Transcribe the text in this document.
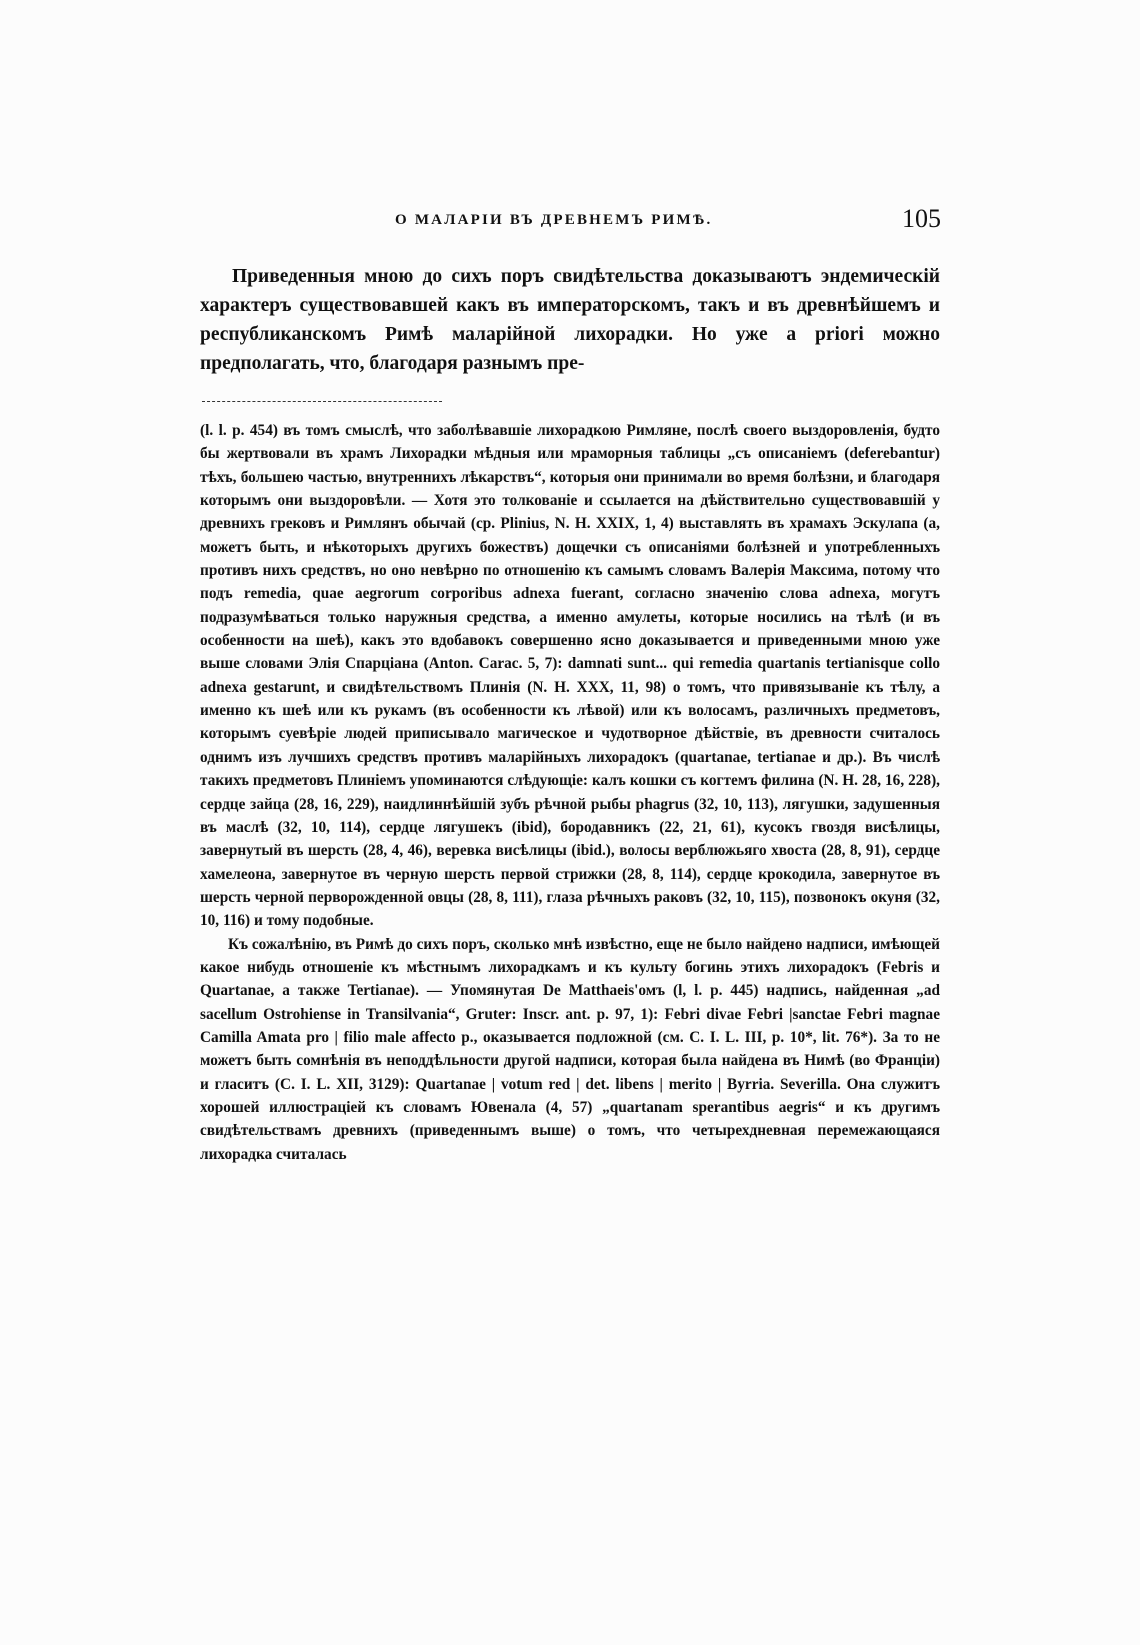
О МАЛАРІИ ВЪ ДРЕВНЕМЪ РИМѢ.	105

Приведенныя мною до сихъ поръ свидѣтельства доказываютъ эндемическій характеръ существовавшей какъ въ императорскомъ, такъ и въ древнѣйшемъ и республиканскомъ Римѣ маларійной лихорадки. Но уже a priori можно предполагать, что, благодаря разнымъ пре-

(l. l. p. 454) въ томъ смыслѣ, что заболѣвавшіе лихорадкою Римляне, послѣ своего выздоровленія, будто бы жертвовали въ храмъ Лихорадки мѣдныя или мраморныя таблицы „съ описаніемъ (deferebantur) тѣхъ, большею частью, внутреннихъ лѣкарствъ“, которыя они принимали во время болѣзни, и благодаря которымъ они выздоровѣли. — Хотя это толкованіе и ссылается на дѣйствительно существовавшій у древнихъ грековъ и Римлянъ обычай (ср. Plinius, N. H. XXIX, 1, 4) выставлять въ храмахъ Эскулапа (а, можетъ быть, и нѣкоторыхъ другихъ божествъ) дощечки съ описаніями болѣзней и употребленныхъ противъ нихъ средствъ, но оно невѣрно по отношенію къ самымъ словамъ Валерія Максима, потому что подъ remedia, quae aegrorum corporibus adnexa fuerant, согласно значенію слова adnexa, могутъ подразумѣваться только наружныя средства, а именно амулеты, которые носились на тѣлѣ (и въ особенности на шеѣ), какъ это вдобавокъ совершенно ясно доказывается и приведенными мною уже выше словами Элія Спарціана (Anton. Carac. 5, 7): damnati sunt... qui remedia quartanis tertianisque collo adnexa gestarunt, и свидѣтельствомъ Плинія (N. H. XXX, 11, 98) о томъ, что привязываніе къ тѣлу, а именно къ шеѣ или къ рукамъ (въ особенности къ лѣвой) или къ волосамъ, различныхъ предметовъ, которымъ суевѣріе людей приписывало магическое и чудотворное дѣйствіе, въ древности считалось однимъ изъ лучшихъ средствъ противъ маларійныхъ лихорадокъ (quartanae, tertianae и др.). Въ числѣ такихъ предметовъ Плиніемъ упоминаются слѣдующіе: калъ кошки съ когтемъ филина (N. H. 28, 16, 228), сердце зайца (28, 16, 229), наидлиннѣйшій зубъ рѣчной рыбы phagrus (32, 10, 113), лягушки, задушенныя въ маслѣ (32, 10, 114), сердце лягушекъ (ibid), бородавникъ (22, 21, 61), кусокъ гвоздя висѣлицы, завернутый въ шерсть (28, 4, 46), веревка висѣлицы (ibid.), волосы верблюжьяго хвоста (28, 8, 91), сердце хамелеона, завернутое въ черную шерсть первой стрижки (28, 8, 114), сердце крокодила, завернутое въ шерсть черной перворожденной овцы (28, 8, 111), глаза рѣчныхъ раковъ (32, 10, 115), позвонокъ окуня (32, 10, 116) и тому подобные.

Къ сожалѣнію, въ Римѣ до сихъ поръ, сколько мнѣ извѣстно, еще не было найдено надписи, имѣющей какое нибудь отношеніе къ мѣстнымъ лихорадкамъ и къ культу богинь этихъ лихорадокъ (Febris и Quartanae, а также Tertianae). — Упомянутая De Matthaeis'омъ (l, l. p. 445) надпись, найденная „ad sacellum Ostrohiense in Transilvania“, Gruter: Inscr. ant. p. 97, 1): Febri divae Febri |sanctae Febri magnae Camilla Amata pro | filio male affecto p., оказывается подложной (см. C. I. L. III, p. 10*, lit. 76*). За то не можетъ быть сомнѣнія въ неподдѣльности другой надписи, которая была найдена въ Нимѣ (во Франціи) и гласитъ (C. I. L. XII, 3129): Quartanae | votum red | det. libens | merito | Byrria. Severilla. Она служитъ хорошей иллюстраціей къ словамъ Ювенала (4, 57) „quartanam sperantibus aegris“ и къ другимъ свидѣтельствамъ древнихъ (приведеннымъ выше) о томъ, что четырехдневная перемежающаяся лихорадка считалась
